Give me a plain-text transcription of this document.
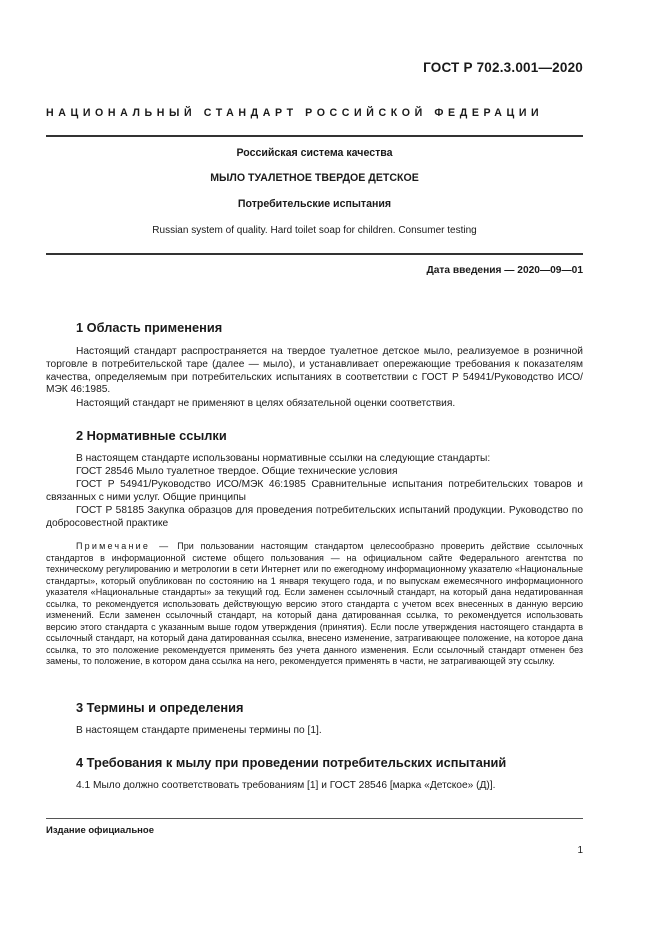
ГОСТ Р 702.3.001—2020
НАЦИОНАЛЬНЫЙ СТАНДАРТ РОССИЙСКОЙ ФЕДЕРАЦИИ
Российская система качества
МЫЛО ТУАЛЕТНОЕ ТВЕРДОЕ ДЕТСКОЕ
Потребительские испытания
Russian system of quality. Hard toilet soap for children. Consumer testing
Дата введения — 2020—09—01
1 Область применения
Настоящий стандарт распространяется на твердое туалетное детское мыло, реализуемое в розничной торговле в потребительской таре (далее — мыло), и устанавливает опережающие требования к показателям качества, определяемым при потребительских испытаниях в соответствии с ГОСТ Р 54941/Руководство ИСО/МЭК 46:1985.
Настоящий стандарт не применяют в целях обязательной оценки соответствия.
2 Нормативные ссылки
В настоящем стандарте использованы нормативные ссылки на следующие стандарты:
ГОСТ 28546 Мыло туалетное твердое. Общие технические условия
ГОСТ Р 54941/Руководство ИСО/МЭК 46:1985 Сравнительные испытания потребительских товаров и связанных с ними услуг. Общие принципы
ГОСТ Р 58185 Закупка образцов для проведения потребительских испытаний продукции. Руководство по добросовестной практике
Примечание — При пользовании настоящим стандартом целесообразно проверить действие ссылочных стандартов в информационной системе общего пользования — на официальном сайте Федерального агентства по техническому регулированию и метрологии в сети Интернет или по ежегодному информационному указателю «Национальные стандарты», который опубликован по состоянию на 1 января текущего года, и по выпускам ежемесячного информационного указателя «Национальные стандарты» за текущий год. Если заменен ссылочный стандарт, на который дана недатированная ссылка, то рекомендуется использовать действующую версию этого стандарта с учетом всех внесенных в данную версию изменений. Если заменен ссылочный стандарт, на который дана датированная ссылка, то рекомендуется использовать версию этого стандарта с указанным выше годом утверждения (принятия). Если после утверждения настоящего стандарта в ссылочный стандарт, на который дана датированная ссылка, внесено изменение, затрагивающее положение, на которое дана ссылка, то это положение рекомендуется применять без учета данного изменения. Если ссылочный стандарт отменен без замены, то положение, в котором дана ссылка на него, рекомендуется применять в части, не затрагивающей эту ссылку.
3 Термины и определения
В настоящем стандарте применены термины по [1].
4 Требования к мылу при проведении потребительских испытаний
4.1 Мыло должно соответствовать требованиям [1] и ГОСТ 28546 [марка «Детское» (Д)].
Издание официальное
1
